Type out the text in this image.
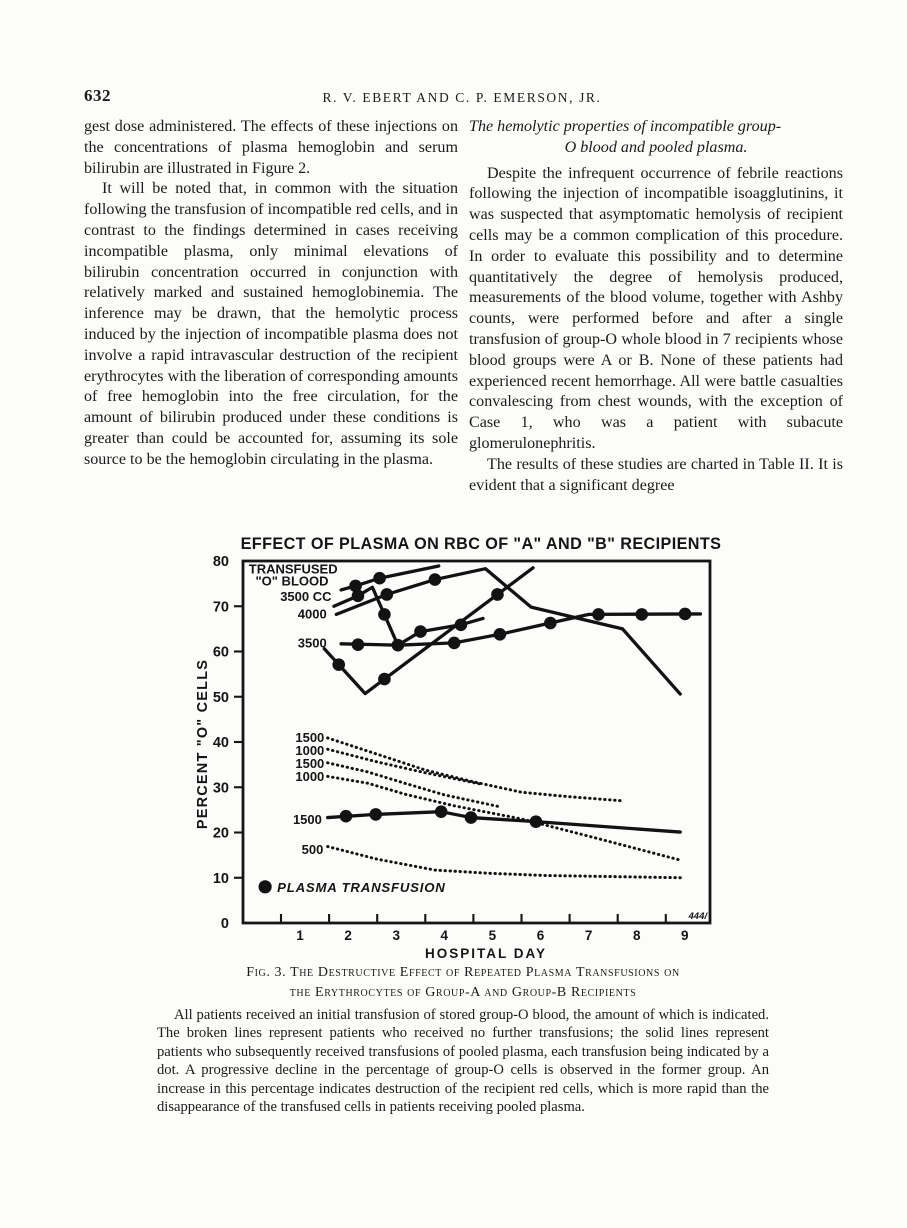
632	R. V. EBERT AND C. P. EMERSON, JR.

gest dose administered. The effects of these injections on the concentrations of plasma hemoglobin and serum bilirubin are illustrated in Figure 2.

It will be noted that, in common with the situation following the transfusion of incompatible red cells, and in contrast to the findings determined in cases receiving incompatible plasma, only minimal elevations of bilirubin concentration occurred in conjunction with relatively marked and sustained hemoglobinemia. The inference may be drawn, that the hemolytic process induced by the injection of incompatible plasma does not involve a rapid intravascular destruction of the recipient erythrocytes with the liberation of corresponding amounts of free hemoglobin into the free circulation, for the amount of bilirubin produced under these conditions is greater than could be accounted for, assuming its sole source to be the hemoglobin circulating in the plasma.

The hemolytic properties of incompatible group-
O blood and pooled plasma.

Despite the infrequent occurrence of febrile reactions following the injection of incompatible isoagglutinins, it was suspected that asymptomatic hemolysis of recipient cells may be a common complication of this procedure. In order to evaluate this possibility and to determine quantitatively the degree of hemolysis produced, measurements of the blood volume, together with Ashby counts, were performed before and after a single transfusion of group-O whole blood in 7 recipients whose blood groups were A or B. None of these patients had experienced recent hemorrhage. All were battle casualties convalescing from chest wounds, with the exception of Case 1, who was a patient with subacute glomerulonephritis.

The results of these studies are charted in Table II. It is evident that a significant degree

EFFECT OF PLASMA ON RBC OF "A" AND "B" RECIPIENTS
1	2	3	4	5	6	7	8	9
0
10
20
30
40
50
60
70
80
HOSPITAL DAY
PERCENT "O" CELLS
444/
TRANSFUSED
"O" BLOOD
3500 CC
4000
3500
1500
1000
1500
1000
1500
500
PLASMA TRANSFUSION
Fig. 3. The Destructive Effect of Repeated Plasma Transfusions on
the Erythrocytes of Group-A and Group-B Recipients

All patients received an initial transfusion of stored group-O blood, the amount of which is indicated. The broken lines represent patients who received no further transfusions; the solid lines represent patients who subsequently received transfusions of pooled plasma, each transfusion being indicated by a dot. A progressive decline in the percentage of group-O cells is observed in the former group. An increase in this percentage indicates destruction of the recipient red cells, which is more rapid than the disappearance of the transfused cells in patients receiving pooled plasma.
